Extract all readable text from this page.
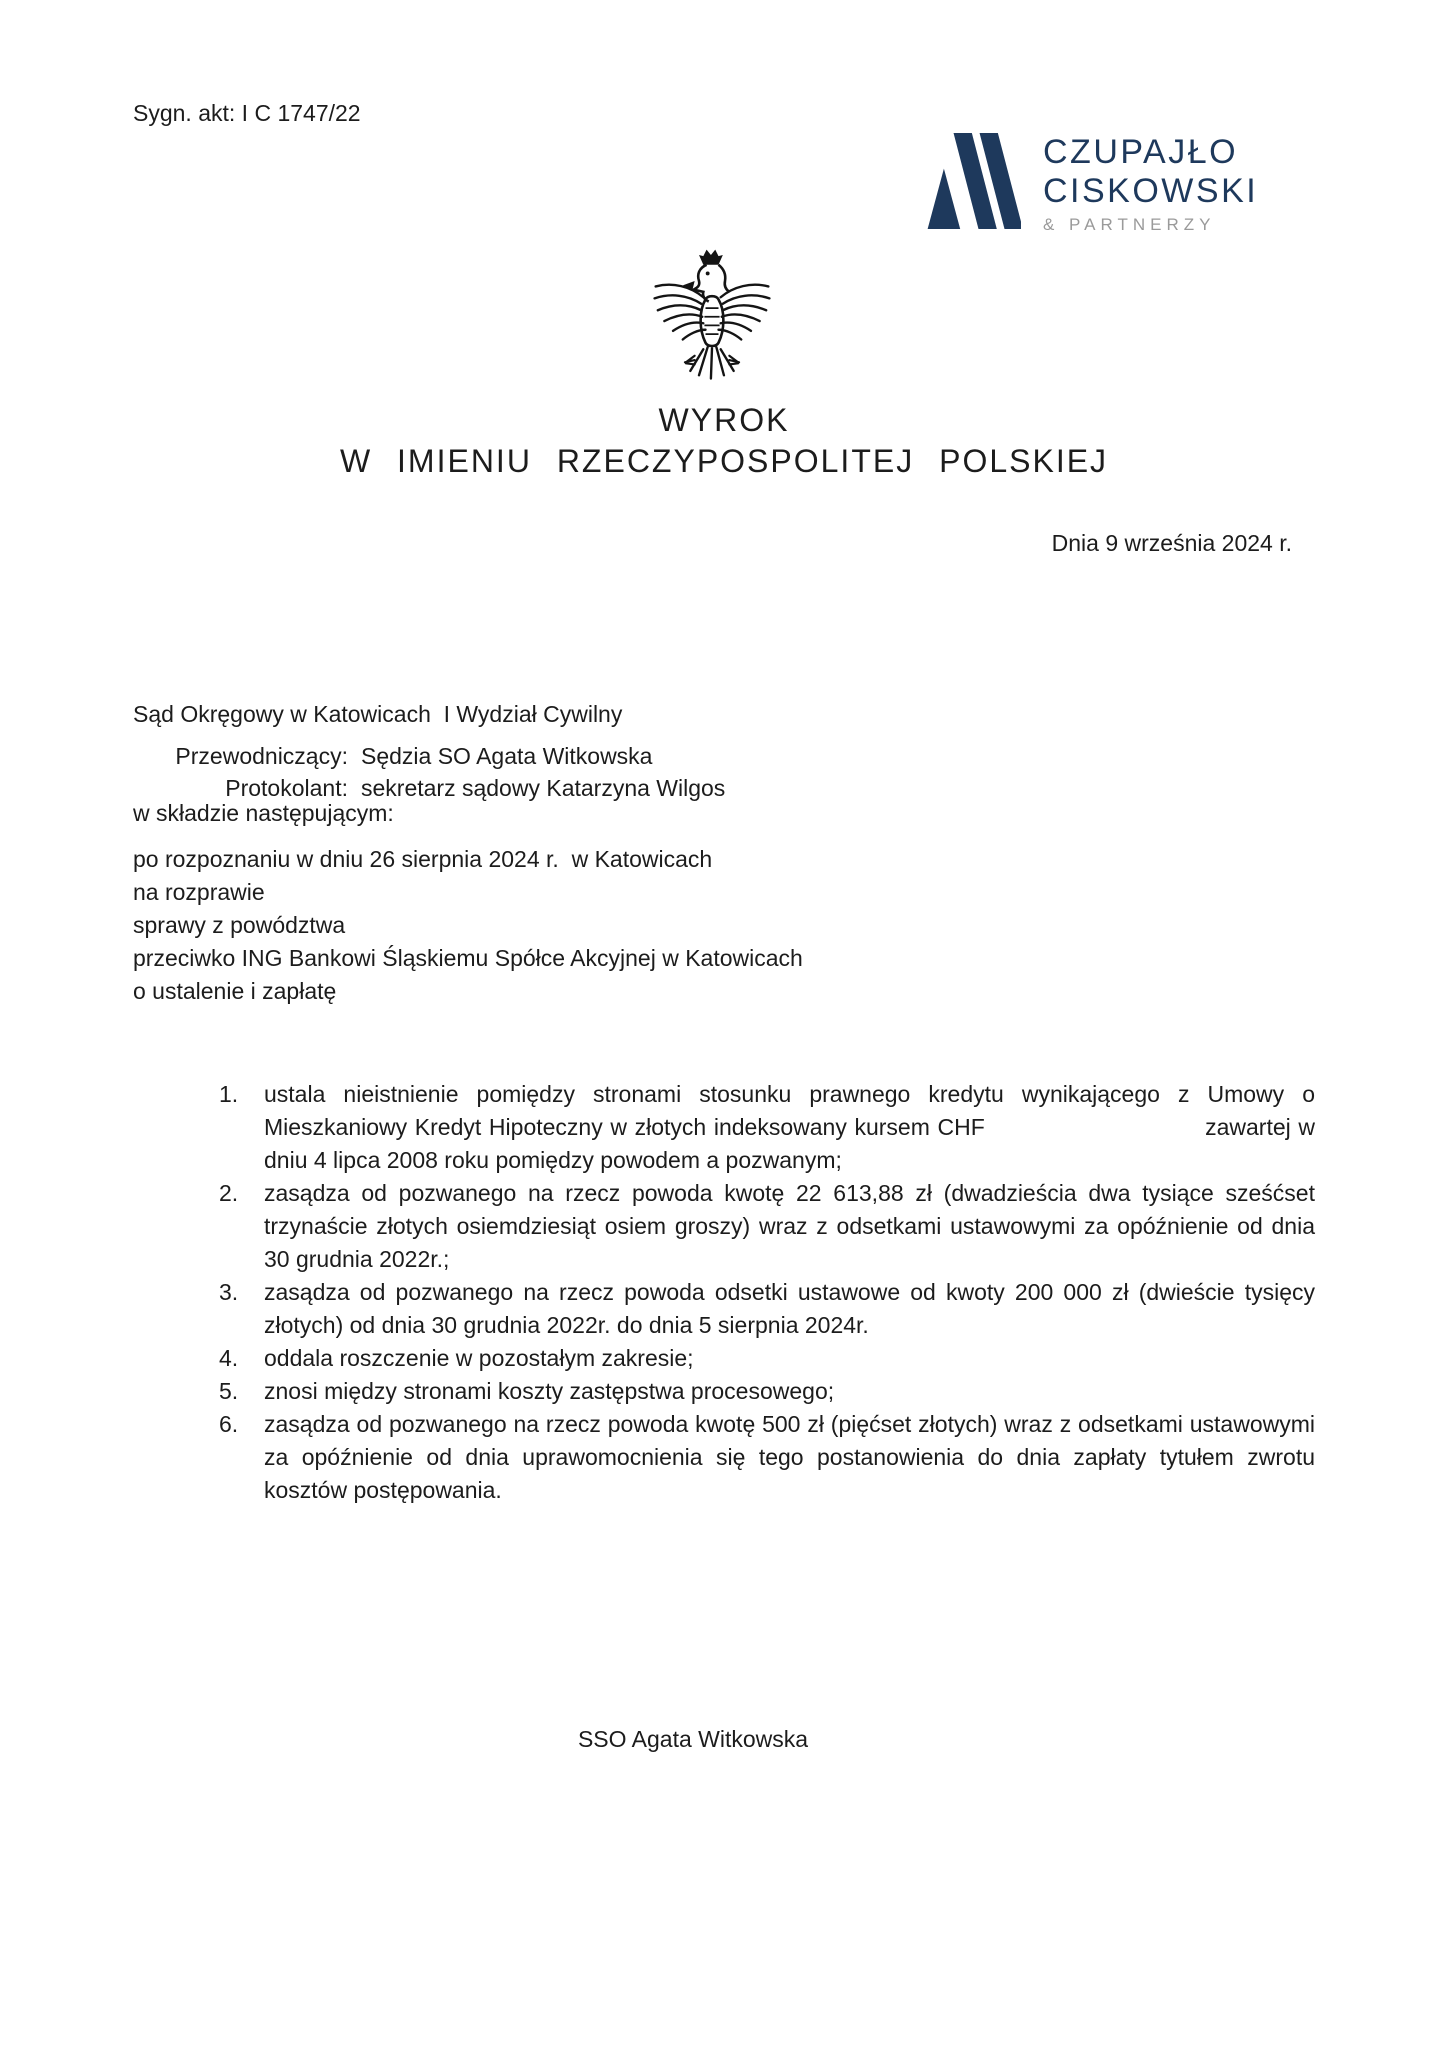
Sygn. akt: I C 1747/22
CZUPAJŁO
CISKOWSKI
& PARTNERZY
WYROK
W IMIENIU RZECZYPOSPOLITEJ POLSKIEJ
Dnia 9 września 2024 r.

Sąd Okręgowy w Katowicach  I Wydział Cywilny

w składzie następującym:

Przewodniczący: Sędzia SO Agata Witkowska
Protokolant: sekretarz sądowy Katarzyna Wilgos
po rozpoznaniu w dniu 26 sierpnia 2024 r.  w Katowicach
na rozprawie
sprawy z powództwa
przeciwko ING Bankowi Śląskiemu Spółce Akcyjnej w Katowicach
o ustalenie i zapłatę
1. ustala nieistnienie pomiędzy stronami stosunku prawnego kredytu wynikającego z Umowy o Mieszkaniowy Kredyt Hipoteczny w złotych indeksowany kursem CHF	zawartej w dniu 4 lipca 2008 roku pomiędzy powodem a pozwanym;
2. zasądza od pozwanego na rzecz powoda kwotę 22 613,88 zł (dwadzieścia dwa tysiące sześćset trzynaście złotych osiemdziesiąt osiem groszy) wraz z odsetkami ustawowymi za opóźnienie od dnia 30 grudnia 2022r.;
3. zasądza od pozwanego na rzecz powoda odsetki ustawowe od kwoty 200 000 zł (dwieście tysięcy złotych) od dnia 30 grudnia 2022r. do dnia 5 sierpnia 2024r.
4. oddala roszczenie w pozostałym zakresie;
5. znosi między stronami koszty zastępstwa procesowego;
6. zasądza od pozwanego na rzecz powoda kwotę 500 zł (pięćset złotych) wraz z odsetkami ustawowymi za opóźnienie od dnia uprawomocnienia się tego postanowienia do dnia zapłaty tytułem zwrotu kosztów postępowania.
SSO Agata Witkowska
